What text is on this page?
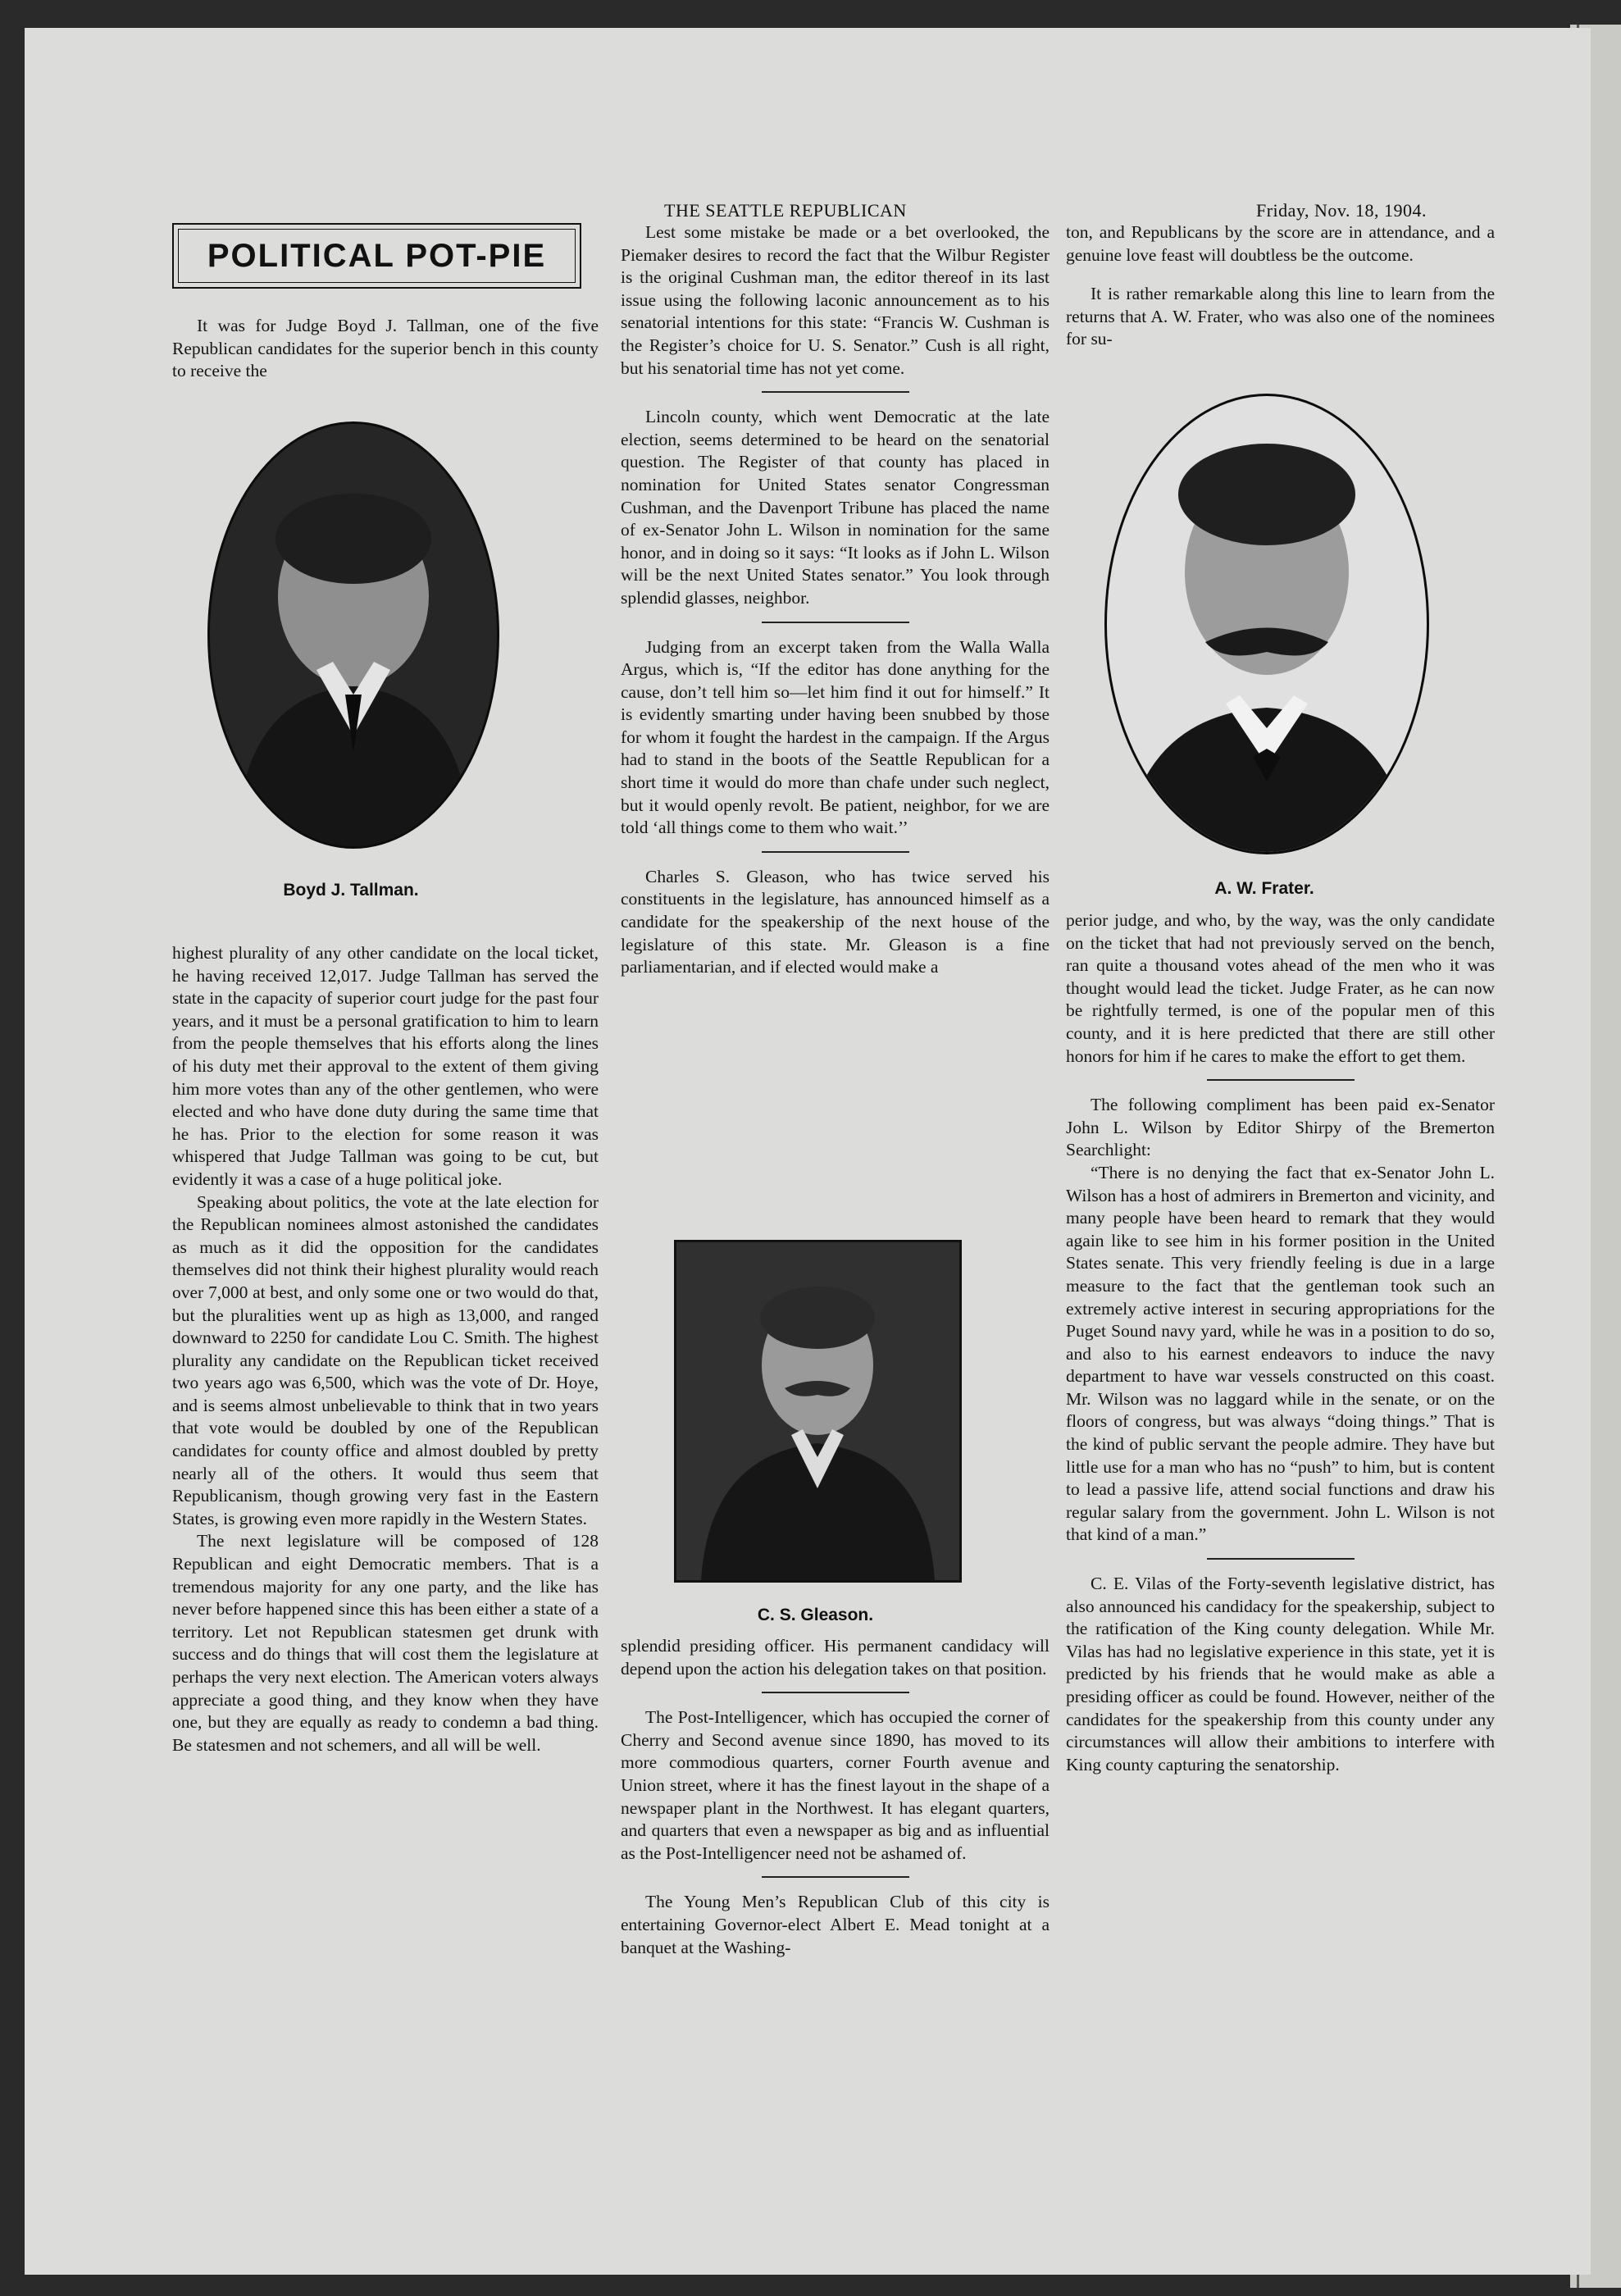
THE SEATTLE REPUBLICAN	Friday, Nov. 18, 1904.
POLITICAL POT-PIE

It was for Judge Boyd J. Tallman, one of the five Republican candidates for the superior bench in this county to receive the

Boyd J. Tallman.

highest plurality of any other candidate on the local ticket, he having received 12,017. Judge Tallman has served the state in the capacity of superior court judge for the past four years, and it must be a personal gratification to him to learn from the people themselves that his efforts along the lines of his duty met their approval to the extent of them giving him more votes than any of the other gentlemen, who were elected and who have done duty during the same time that he has. Prior to the election for some reason it was whispered that Judge Tallman was going to be cut, but evidently it was a case of a huge political joke.

Speaking about politics, the vote at the late election for the Republican nominees almost astonished the candidates as much as it did the opposition for the candidates themselves did not think their highest plurality would reach over 7,000 at best, and only some one or two would do that, but the pluralities went up as high as 13,000, and ranged downward to 2250 for candidate Lou C. Smith. The highest plurality any candidate on the Republican ticket received two years ago was 6,500, which was the vote of Dr. Hoye, and is seems almost unbelievable to think that in two years that vote would be doubled by one of the Republican candidates for county office and almost doubled by pretty nearly all of the others. It would thus seem that Republicanism, though growing very fast in the Eastern States, is growing even more rapidly in the Western States.

The next legislature will be composed of 128 Republican and eight Democratic members. That is a tremendous majority for any one party, and the like has never before happened since this has been either a state of a territory. Let not Republican statesmen get drunk with success and do things that will cost them the legislature at perhaps the very next election. The American voters always appreciate a good thing, and they know when they have one, but they are equally as ready to condemn a bad thing. Be statesmen and not schemers, and all will be well.

Lest some mistake be made or a bet overlooked, the Piemaker desires to record the fact that the Wilbur Register is the original Cushman man, the editor thereof in its last issue using the following laconic announcement as to his senatorial intentions for this state: “Francis W. Cushman is the Register’s choice for U. S. Senator.” Cush is all right, but his senatorial time has not yet come.

Lincoln county, which went Democratic at the late election, seems determined to be heard on the senatorial question. The Register of that county has placed in nomination for United States senator Congressman Cushman, and the Davenport Tribune has placed the name of ex-Senator John L. Wilson in nomination for the same honor, and in doing so it says: “It looks as if John L. Wilson will be the next United States senator.” You look through splendid glasses, neighbor.

Judging from an excerpt taken from the Walla Walla Argus, which is, “If the editor has done anything for the cause, don’t tell him so—let him find it out for himself.” It is evidently smarting under having been snubbed by those for whom it fought the hardest in the campaign. If the Argus had to stand in the boots of the Seattle Republican for a short time it would do more than chafe under such neglect, but it would openly revolt. Be patient, neighbor, for we are told ‘all things come to them who wait.’’

Charles S. Gleason, who has twice served his constituents in the legislature, has announced himself as a candidate for the speakership of the next house of the legislature of this state. Mr. Gleason is a fine parliamentarian, and if elected would make a

C. S. Gleason.

splendid presiding officer. His permanent candidacy will depend upon the action his delegation takes on that position.

The Post-Intelligencer, which has occupied the corner of Cherry and Second avenue since 1890, has moved to its more commodious quarters, corner Fourth avenue and Union street, where it has the finest layout in the shape of a newspaper plant in the Northwest. It has elegant quarters, and quarters that even a newspaper as big and as influential as the Post-Intelligencer need not be ashamed of.

The Young Men’s Republican Club of this city is entertaining Governor-elect Albert E. Mead tonight at a banquet at the Washing-

ton, and Republicans by the score are in attendance, and a genuine love feast will doubtless be the outcome.

It is rather remarkable along this line to learn from the returns that A. W. Frater, who was also one of the nominees for su-

A. W. Frater.

perior judge, and who, by the way, was the only candidate on the ticket that had not previously served on the bench, ran quite a thousand votes ahead of the men who it was thought would lead the ticket. Judge Frater, as he can now be rightfully termed, is one of the popular men of this county, and it is here predicted that there are still other honors for him if he cares to make the effort to get them.

The following compliment has been paid ex-Senator John L. Wilson by Editor Shirpy of the Bremerton Searchlight:

“There is no denying the fact that ex-Senator John L. Wilson has a host of admirers in Bremerton and vicinity, and many people have been heard to remark that they would again like to see him in his former position in the United States senate. This very friendly feeling is due in a large measure to the fact that the gentleman took such an extremely active interest in securing appropriations for the Puget Sound navy yard, while he was in a position to do so, and also to his earnest endeavors to induce the navy department to have war vessels constructed on this coast. Mr. Wilson was no laggard while in the senate, or on the floors of congress, but was always “doing things.” That is the kind of public servant the people admire. They have but little use for a man who has no “push” to him, but is content to lead a passive life, attend social functions and draw his regular salary from the government. John L. Wilson is not that kind of a man.”

C. E. Vilas of the Forty-seventh legislative district, has also announced his candidacy for the speakership, subject to the ratification of the King county delegation. While Mr. Vilas has had no legislative experience in this state, yet it is predicted by his friends that he would make as able a presiding officer as could be found. However, neither of the candidates for the speakership from this county under any circumstances will allow their ambitions to interfere with King county capturing the senatorship.
